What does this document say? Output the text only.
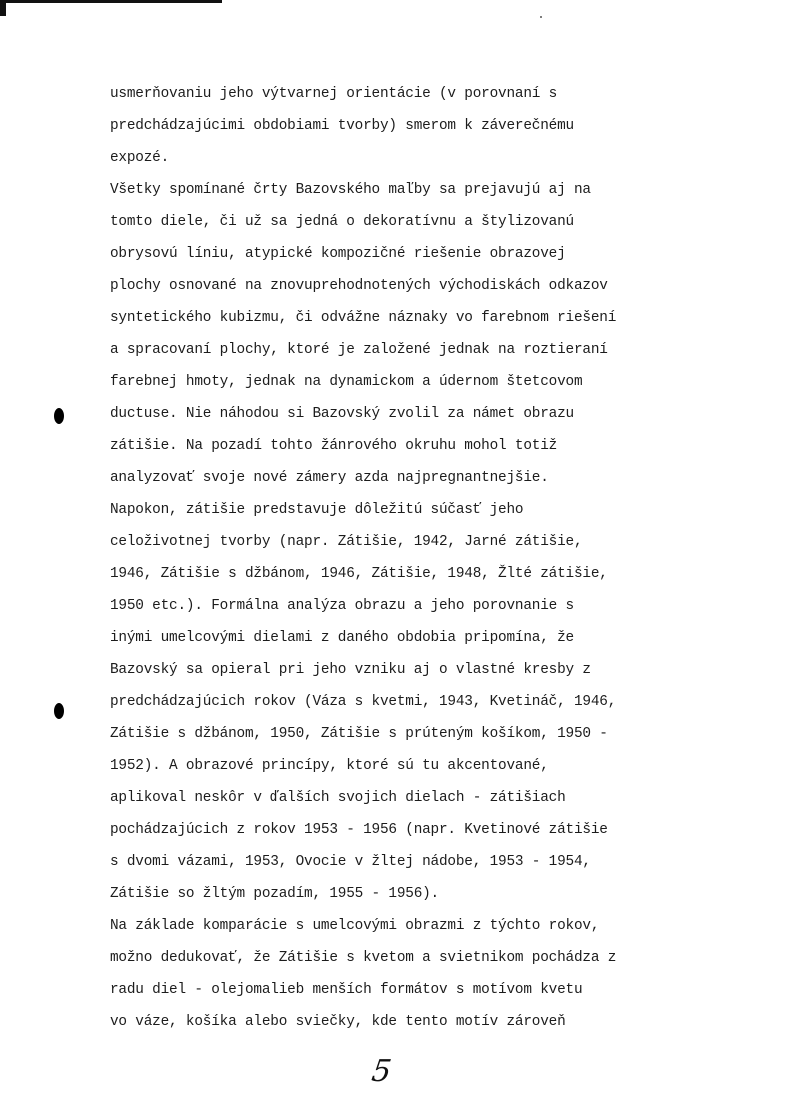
usmerňovaniu jeho výtvarnej orientácie (v porovnaní s
predchádzajúcimi obdobiami tvorby) smerom k záverečnému
expozé.
Všetky spomínané črty Bazovského maľby sa prejavujú aj na
tomto diele, či už sa jedná o dekoratívnu a štylizovanú
obrysovú líniu, atypické kompozičné riešenie obrazovej
plochy osnované na znovuprehodnotených východiskách odkazov
syntetického kubizmu, či odvážne náznaky vo farebnom riešení
a spracovaní plochy, ktoré je založené jednak na roztieraní
farebnej hmoty, jednak na dynamickom a údernom štetcovom
ductuse. Nie náhodou si Bazovský zvolil za námet obrazu
zátišie. Na pozadí tohto žánrového okruhu mohol totiž
analyzovať svoje nové zámery azda najpregnantnejšie.
Napokon, zátišie predstavuje dôležitú súčasť jeho
celoživotnej tvorby (napr. Zátišie, 1942, Jarné zátišie,
1946, Zátišie s džbánom, 1946, Zátišie, 1948, Žlté zátišie,
1950 etc.). Formálna analýza obrazu a jeho porovnanie s
inými umelcovými dielami z daného obdobia pripomína, že
Bazovský sa opieral pri jeho vzniku aj o vlastné kresby z
predchádzajúcich rokov (Váza s kvetmi, 1943, Kvetináč, 1946,
Zátišie s džbánom, 1950, Zátišie s prúteným košíkom, 1950 -
1952). A obrazové princípy, ktoré sú tu akcentované,
aplikoval neskôr v ďalších svojich dielach - zátišiach
pochádzajúcich z rokov 1953 - 1956 (napr. Kvetinové zátišie
s dvomi vázami, 1953, Ovocie v žltej nádobe, 1953 - 1954,
Zátišie so žltým pozadím, 1955 - 1956).
Na základe komparácie s umelcovými obrazmi z týchto rokov,
možno dedukovať, že Zátišie s kvetom a svietnikom pochádza z
radu diel - olejomalieb menších formátov s motívom kvetu
vo váze, košíka alebo sviečky, kde tento motív zároveň
5
